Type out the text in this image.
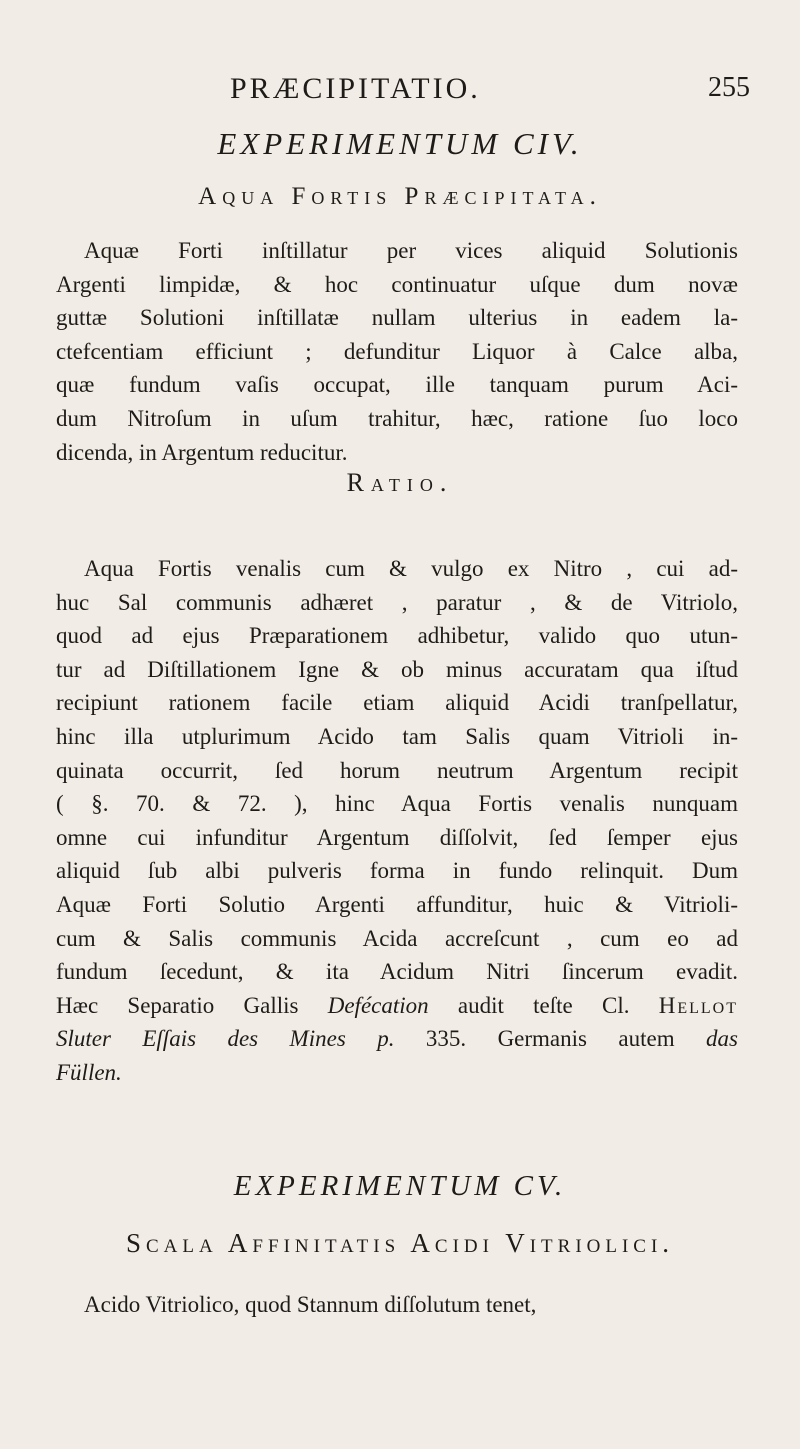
PRÆCIPITATIO.	255
EXPERIMENTUM CIV.
Aqua Fortis Præcipitata.

Aquæ Forti inſtillatur per vices aliquid Solutionis
Argenti limpidæ, & hoc continuatur uſque dum novæ
guttæ Solutioni inſtillatæ nullam ulterius in eadem la-
ctefcentiam efficiunt ; defunditur Liquor à Calce alba,
quæ fundum vaſis occupat, ille tanquam purum Aci-
dum Nitroſum in uſum trahitur, hæc, ratione ſuo loco
dicenda, in Argentum reducitur.

Ratio.

Aqua Fortis venalis cum & vulgo ex Nitro , cui ad-
huc Sal communis adhæret , paratur , & de Vitriolo,
quod ad ejus Præparationem adhibetur, valido quo utun-
tur ad Diſtillationem Igne & ob minus accuratam qua iſtud
recipiunt rationem facile etiam aliquid Acidi tranſpellatur,
hinc illa utplurimum Acido tam Salis quam Vitrioli in-
quinata occurrit, ſed horum neutrum Argentum recipit
( §. 70. & 72. ), hinc Aqua Fortis venalis nunquam
omne cui infunditur Argentum diſſolvit, ſed ſemper ejus
aliquid ſub albi pulveris forma in fundo relinquit. Dum
Aquæ Forti Solutio Argenti affunditur, huic & Vitrioli-
cum & Salis communis Acida accreſcunt , cum eo ad
fundum ſecedunt, & ita Acidum Nitri ſincerum evadit.

Hæc Separatio Gallis Defécation audit teſte Cl. Hellot
Sluter Eſſais des Mines p. 335. Germanis autem das
Füllen.
EXPERIMENTUM CV.
Scala Affinitatis Acidi Vitriolici.
Acido Vitriolico, quod Stannum diſſolutum tenet,
